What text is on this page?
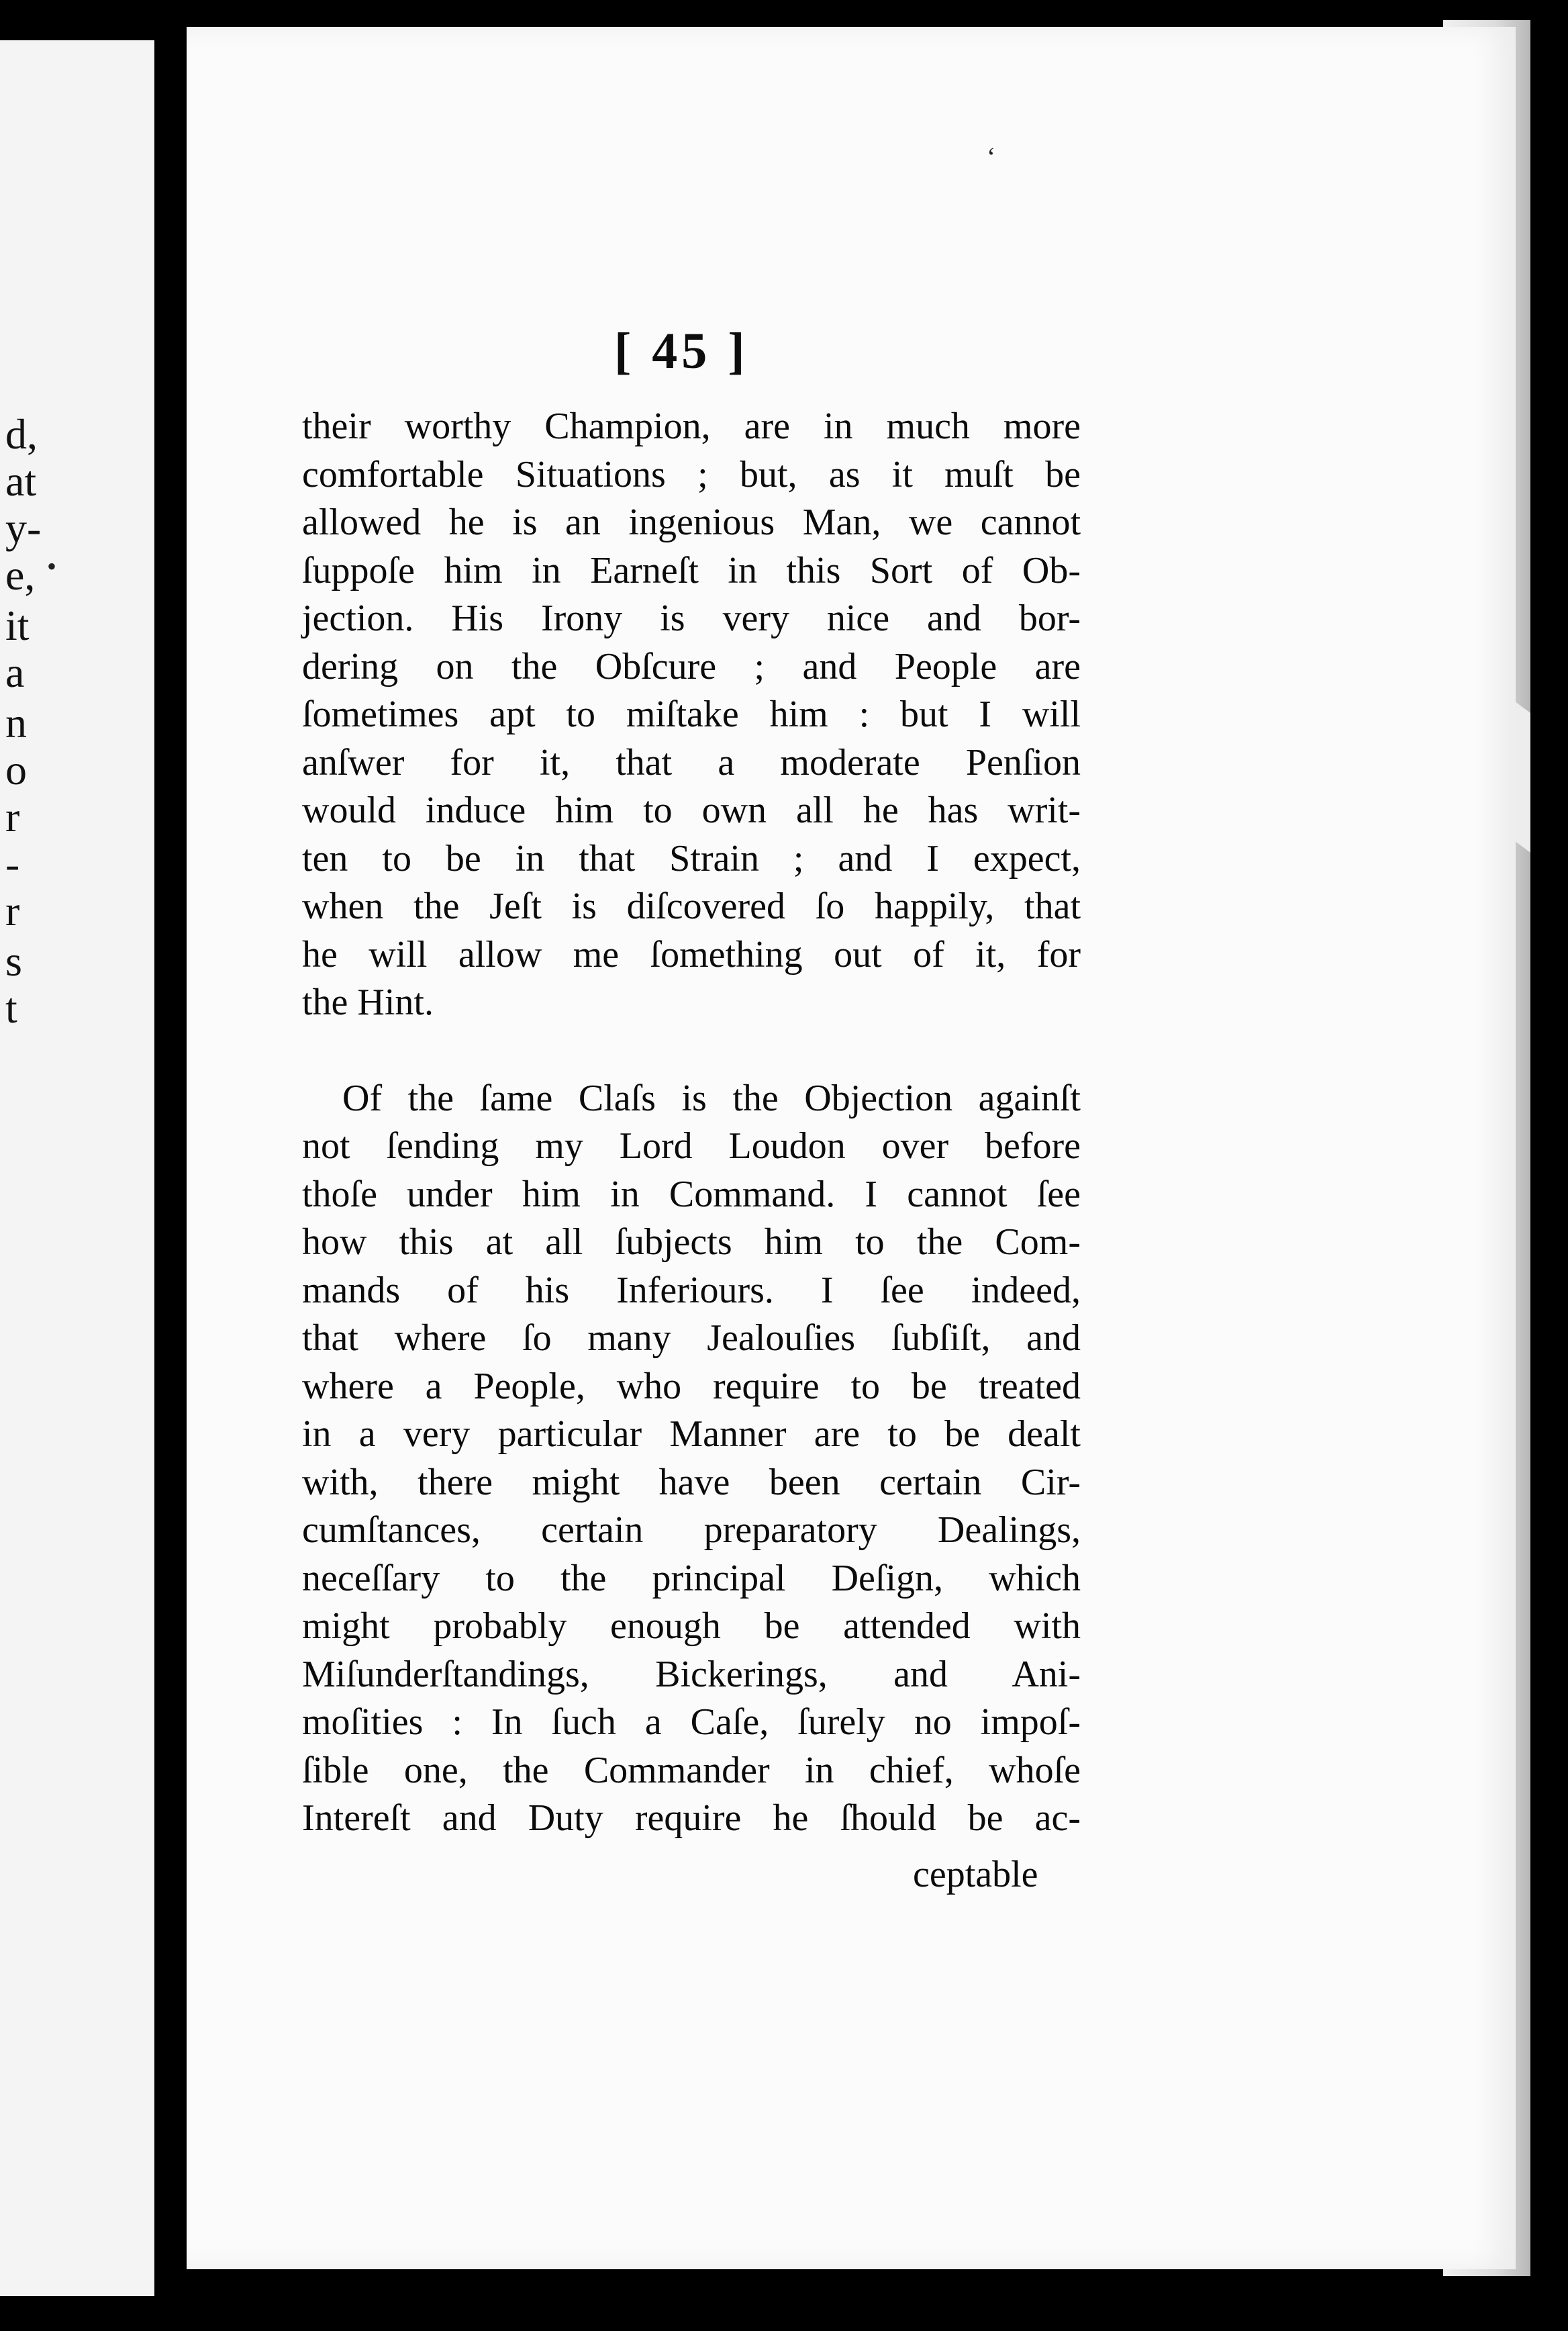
d,
at
y-
e,
it
a
n
o
r
-
r
s
t
[ 45 ]
their worthy Champion, are in much more
comfortable Situations ; but, as it muſt be
allowed he is an ingenious Man, we cannot
ſuppoſe him in Earneſt in this Sort of Ob-
jection. His Irony is very nice and bor-
dering on the Obſcure ; and People are
ſometimes apt to miſtake him : but I will
anſwer for it, that a moderate Penſion
would induce him to own all he has writ-
ten to be in that Strain ; and I expect,
when the Jeſt is diſcovered ſo happily, that
he will allow me ſomething out of it, for
the Hint.
Of the ſame Claſs is the Objection againſt
not ſending my Lord Loudon over before
thoſe under him in Command. I cannot ſee
how this at all ſubjects him to the Com-
mands of his Inferiours. I ſee indeed,
that where ſo many Jealouſies ſubſiſt, and
where a People, who require to be treated
in a very particular Manner are to be dealt
with, there might have been certain Cir-
cumſtances, certain preparatory Dealings,
neceſſary to the principal Deſign, which
might probably enough be attended with
Miſunderſtandings, Bickerings, and Ani-
moſities : In ſuch a Caſe, ſurely no impoſ-
ſible one, the Commander in chief, whoſe
Intereſt and Duty require he ſhould be ac-
ceptable
‘
•
